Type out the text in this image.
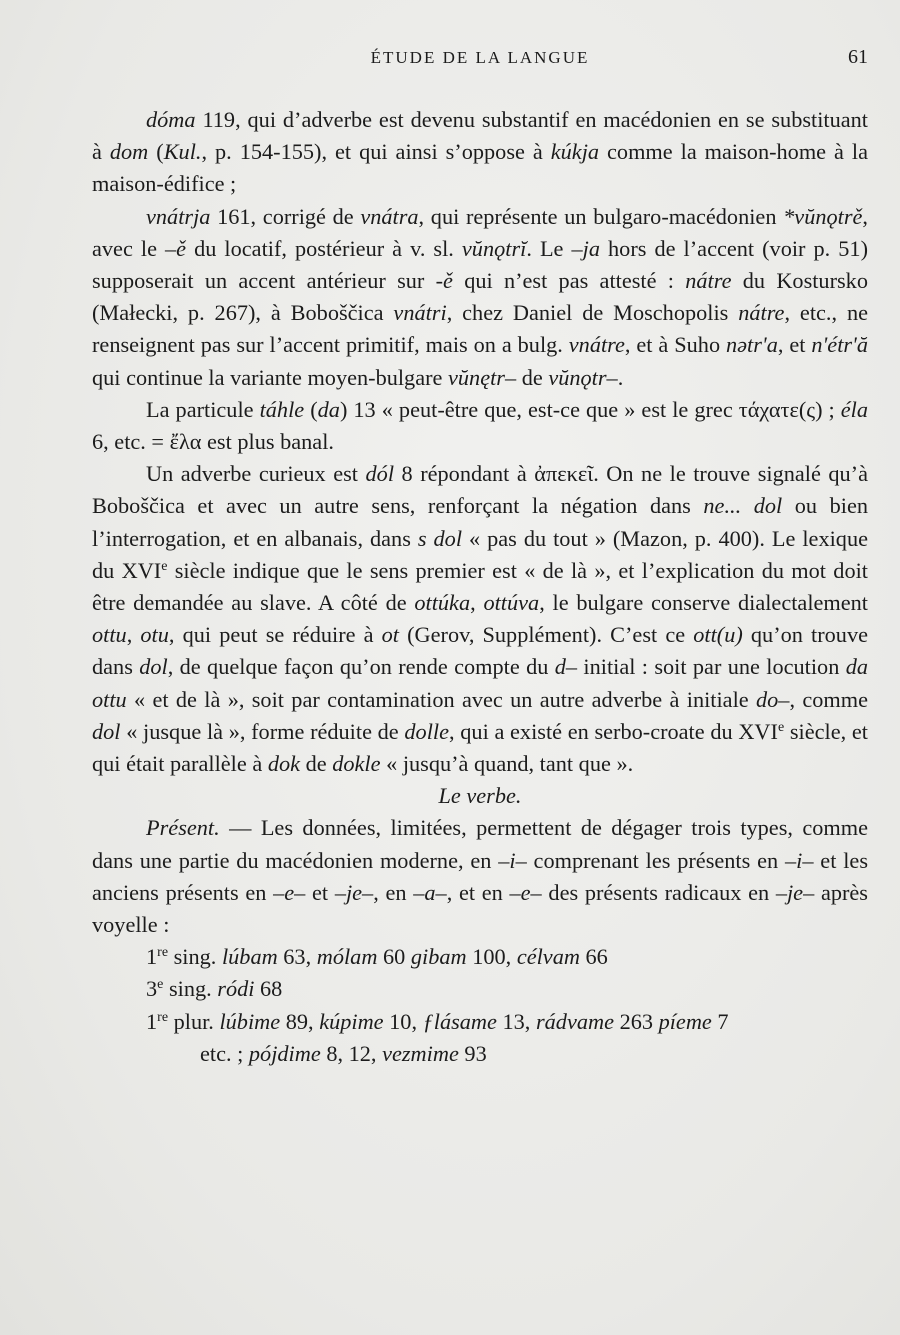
ÉTUDE DE LA LANGUE	61

dóma 119, qui d’adverbe est devenu substantif en macédonien en se substituant à dom (Kul., p. 154-155), et qui ainsi s’oppose à kúkja comme la maison-home à la maison-édifice ;

vnátrja 161, corrigé de vnátra, qui représente un bulgaro-macédonien *vŭnǫtrě, avec le –ě du locatif, postérieur à v. sl. vŭnǫtrĭ. Le –ja hors de l’accent (voir p. 51) supposerait un accent antérieur sur -ě qui n’est pas attesté : nátre du Kostursko (Małecki, p. 267), à Boboščica vnátri, chez Daniel de Moschopolis nátre, etc., ne renseignent pas sur l’accent primitif, mais on a bulg. vnátre, et à Suho nətr'a, et n'étr'ă qui continue la variante moyen-bulgare vŭnętr– de vŭnǫtr–.

La particule táhle (da) 13 « peut-être que, est-ce que » est le grec τάχατε(ς) ; éla 6, etc. = ἔλα est plus banal.

Un adverbe curieux est dól 8 répondant à ἀπεκεῖ. On ne le trouve signalé qu’à Boboščica et avec un autre sens, renforçant la négation dans ne... dol ou bien l’interrogation, et en albanais, dans s dol « pas du tout » (Mazon, p. 400). Le lexique du XVIe siècle indique que le sens premier est « de là », et l’explication du mot doit être demandée au slave. A côté de ottúka, ottúva, le bulgare conserve dialectalement ottu, otu, qui peut se réduire à ot (Gerov, Supplément). C’est ce ott(u) qu’on trouve dans dol, de quelque façon qu’on rende compte du d– initial : soit par une locution da ottu « et de là », soit par contamination avec un autre adverbe à initiale do–, comme dol « jusque là », forme réduite de dolle, qui a existé en serbo-croate du XVIe siècle, et qui était parallèle à dok de dokle « jusqu’à quand, tant que ».

Le verbe.

Présent. — Les données, limitées, permettent de dégager trois types, comme dans une partie du macédonien moderne, en –i– comprenant les présents en –i– et les anciens présents en –e– et –je–, en –a–, et en –e– des présents radicaux en –je– après voyelle :

1re sing. lúbam 63, mólam 60 gibam 100, célvam 66

3e sing. ródi 68

1re plur. lúbime 89, kúpime 10, ƒlásame 13, rádvame 263 píeme 7

etc. ; pójdime 8, 12, vezmime 93
